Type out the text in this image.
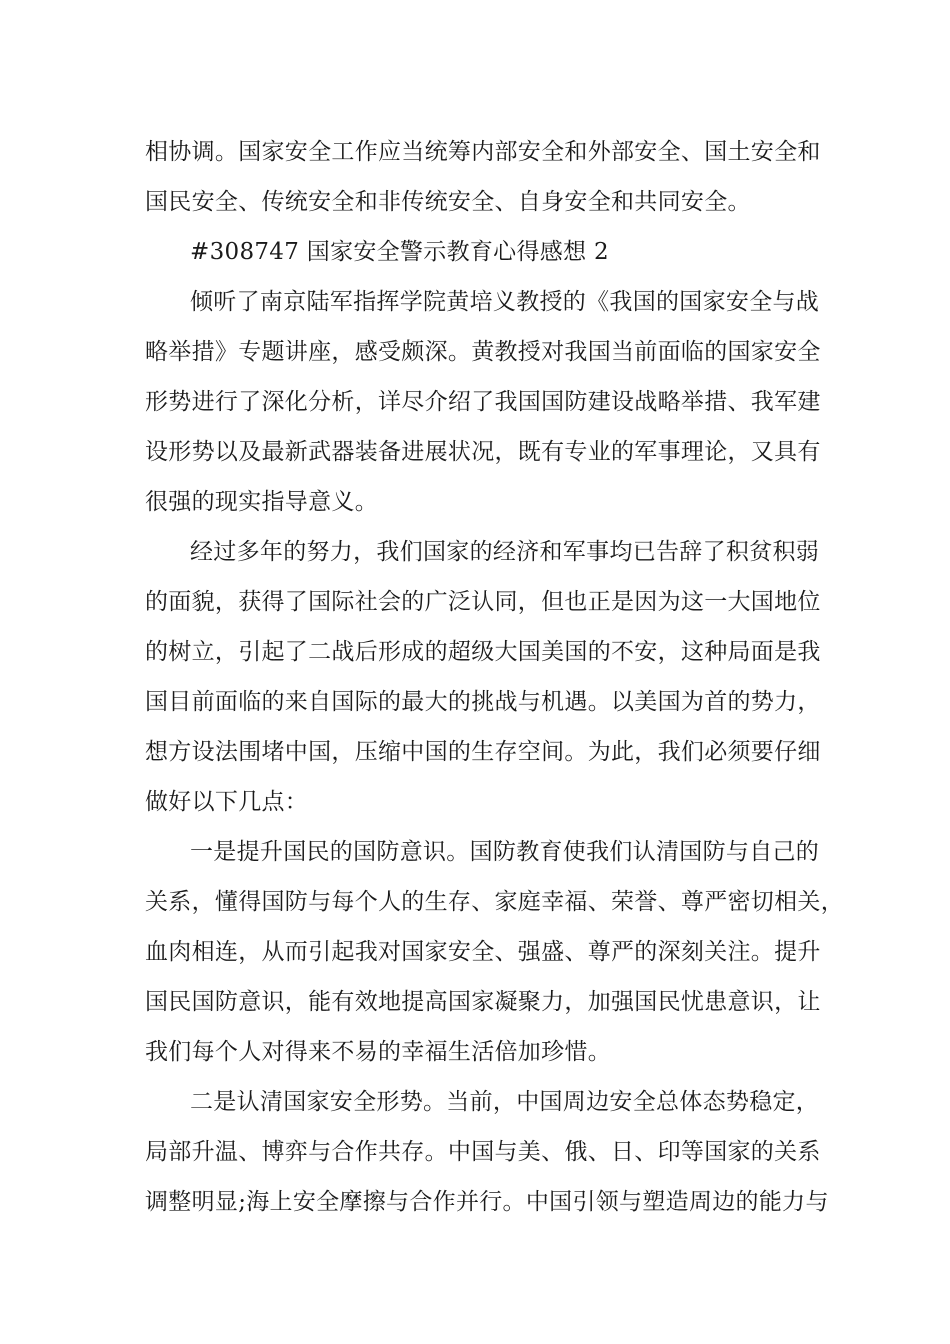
相协调。国家安全工作应当统筹内部安全和外部安全、国土安全和

国民安全、传统安全和非传统安全、自身安全和共同安全。

#308747 国家安全警示教育心得感想 2

倾听了南京陆军指挥学院黄培义教授的《我国的国家安全与战

略举措》专题讲座，感受颇深。黄教授对我国当前面临的国家安全

形势进行了深化分析，详尽介绍了我国国防建设战略举措、我军建

设形势以及最新武器装备进展状况，既有专业的军事理论，又具有

很强的现实指导意义。

经过多年的努力，我们国家的经济和军事均已告辞了积贫积弱

的面貌，获得了国际社会的广泛认同，但也正是因为这一大国地位

的树立，引起了二战后形成的超级大国美国的不安，这种局面是我

国目前面临的来自国际的最大的挑战与机遇。以美国为首的势力，

想方设法围堵中国，压缩中国的生存空间。为此，我们必须要仔细

做好以下几点：

一是提升国民的国防意识。国防教育使我们认清国防与自己的

关系，懂得国防与每个人的生存、家庭幸福、荣誉、尊严密切相关，

血肉相连，从而引起我对国家安全、强盛、尊严的深刻关注。提升

国民国防意识，能有效地提高国家凝聚力，加强国民忧患意识，让

我们每个人对得来不易的幸福生活倍加珍惜。

二是认清国家安全形势。当前，中国周边安全总体态势稳定，

局部升温、博弈与合作共存。中国与美、俄、日、印等国家的关系

调整明显;海上安全摩擦与合作并行。中国引领与塑造周边的能力与
